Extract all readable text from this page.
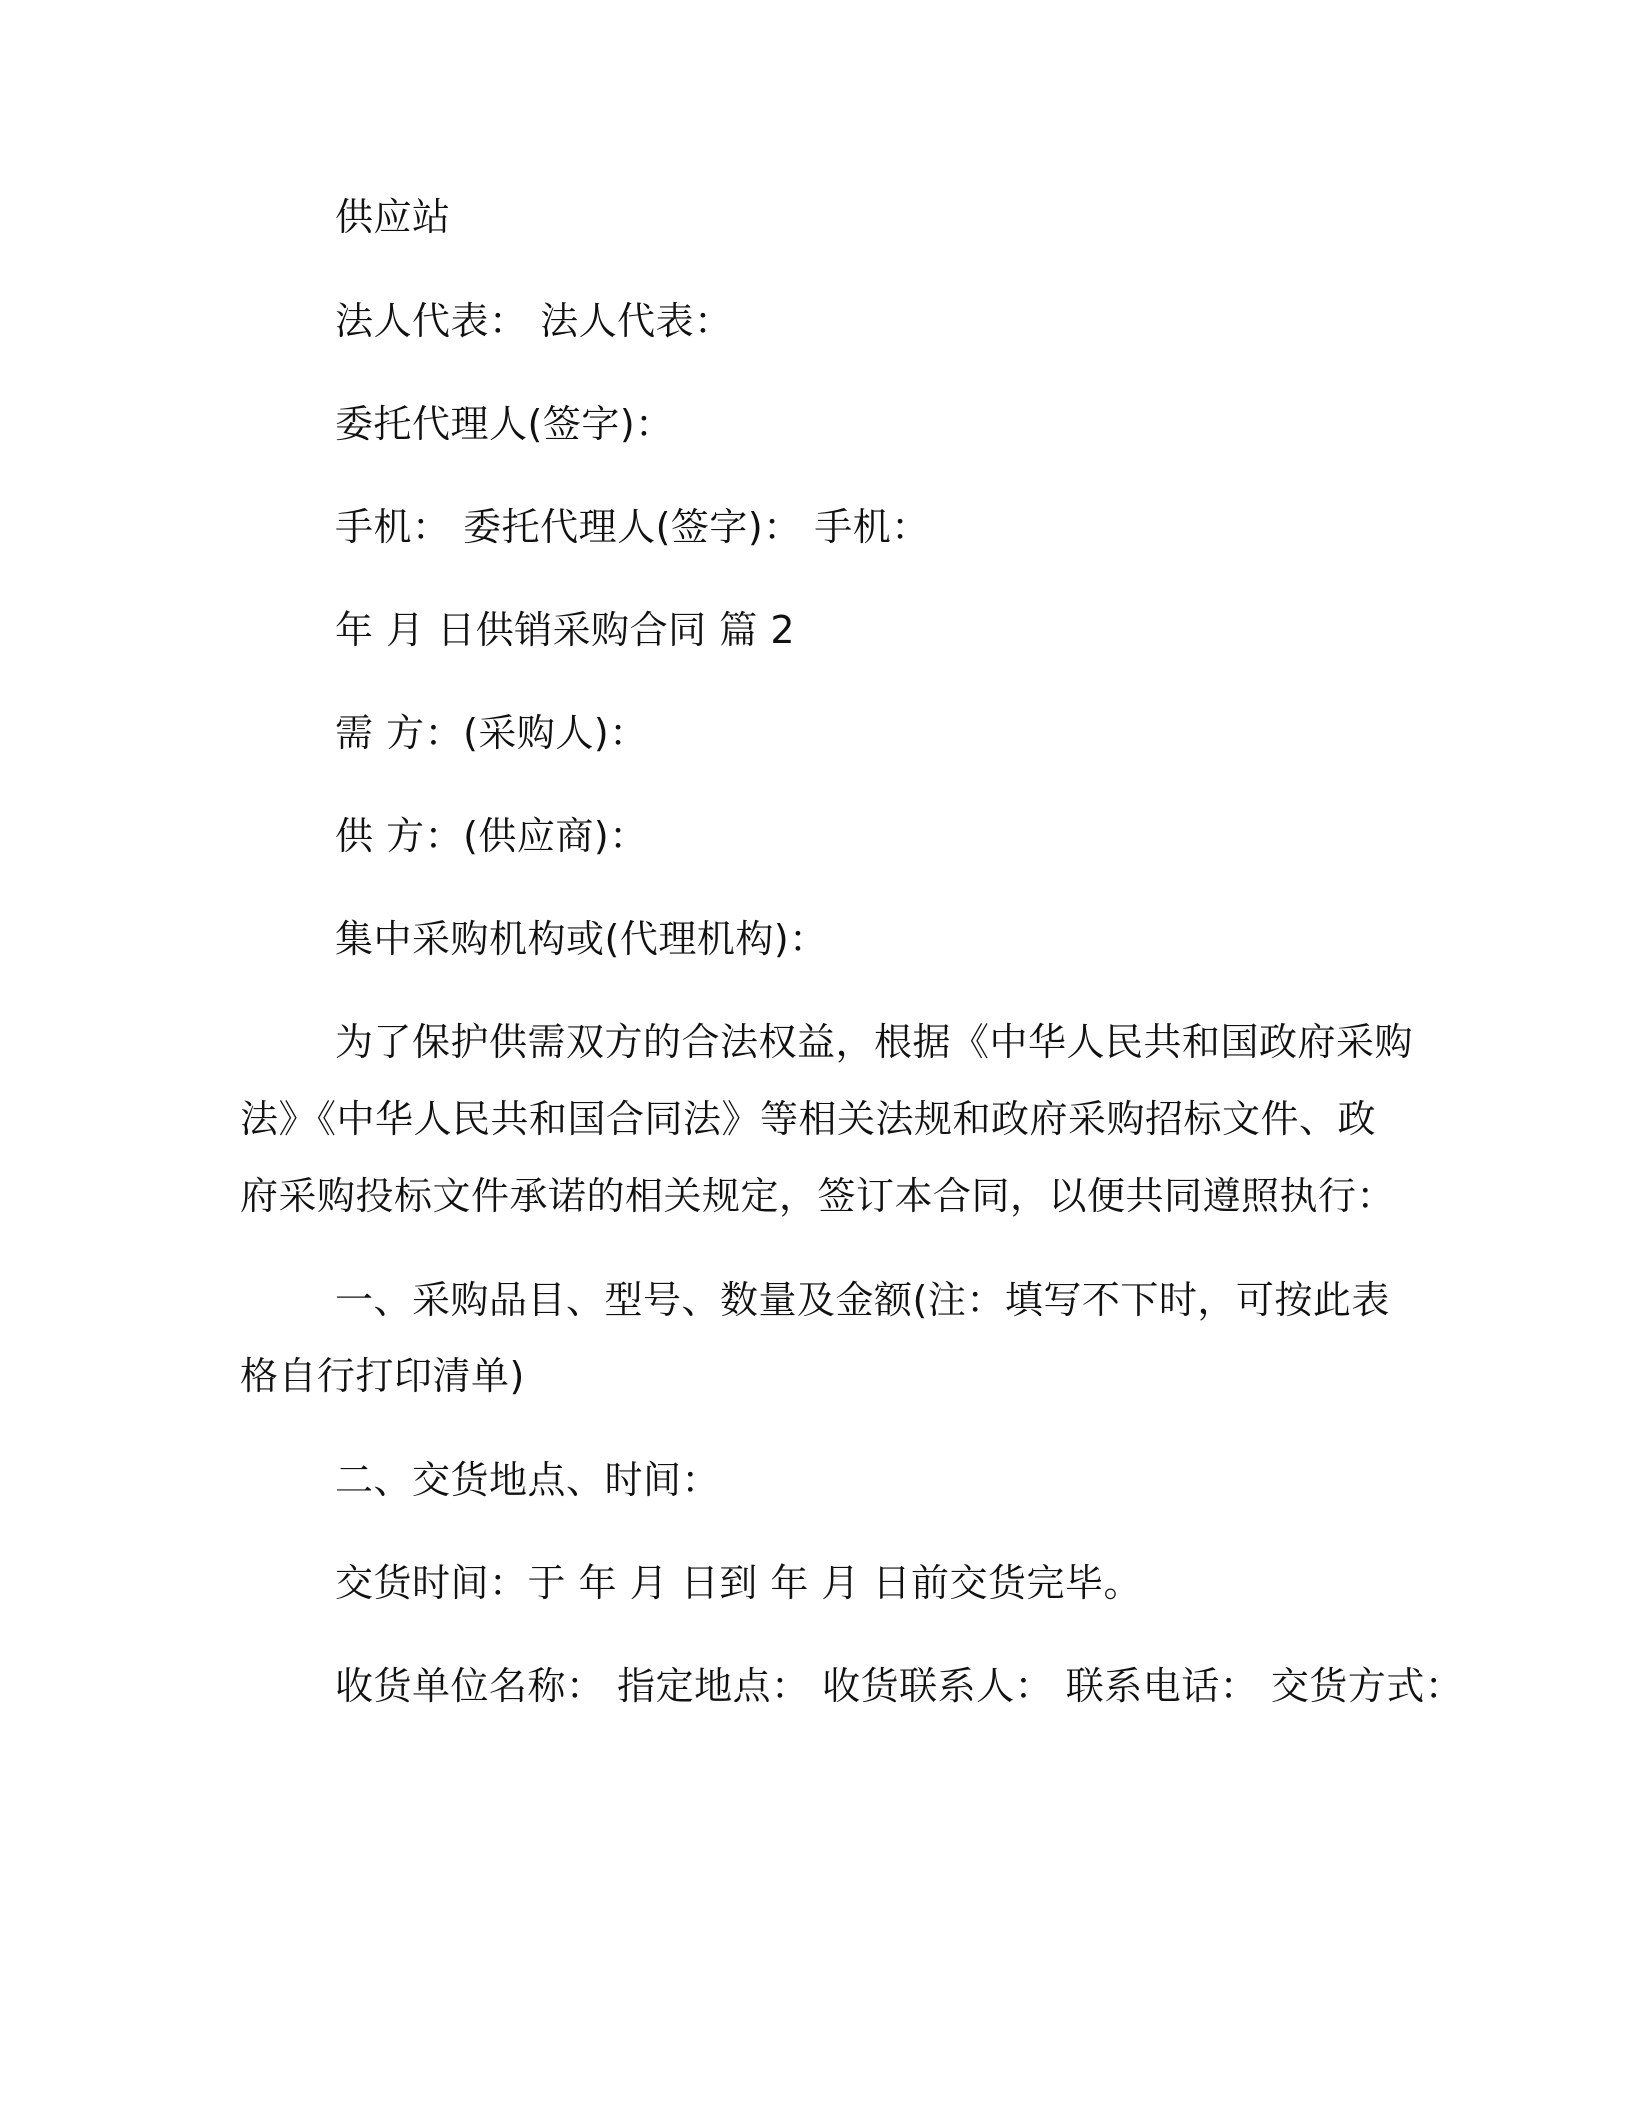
供应站
法人代表： 法人代表：
委托代理人(签字)：
手机： 委托代理人(签字)： 手机：
年 月 日供销采购合同 篇 2
需 方：(采购人)：
供 方：(供应商)：
集中采购机构或(代理机构)：
为了保护供需双方的合法权益，根据《中华人民共和国政府采购
法》《中华人民共和国合同法》等相关法规和政府采购招标文件、政
府采购投标文件承诺的相关规定，签订本合同，以便共同遵照执行：
一、采购品目、型号、数量及金额(注：填写不下时，可按此表
格自行打印清单)
二、交货地点、时间：
交货时间：于 年 月 日到 年 月 日前交货完毕。
收货单位名称： 指定地点： 收货联系人： 联系电话： 交货方式：
